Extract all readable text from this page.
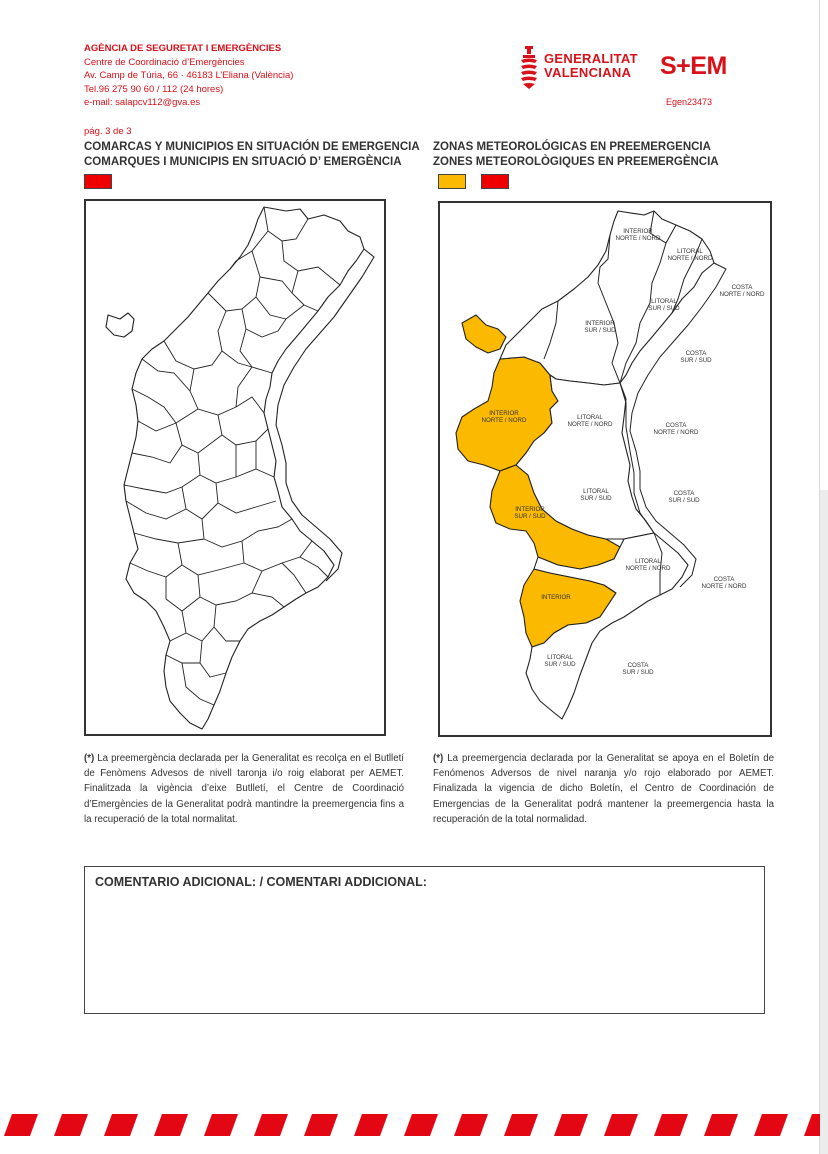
AGÈNCIA DE SEGURETAT I EMERGÈNCIES
Centre de Coordinació d’Emergències
Av. Camp de Túria, 66 · 46183 L’Eliana (València)
Tel.96 275 90 60 / 112 (24 hores)
e-mail: salapcv112@gva.es
GENERALITAT
VALENCIANA S+EM
Egen23473
pág. 3 de 3
COMARCAS Y MUNICIPIOS EN SITUACIÓN DE EMERGENCIA
COMARQUES I MUNICIPIS EN SITUACIÓ D’ EMERGÈNCIA
ZONAS METEOROLÓGICAS EN PREEMERGENCIA
ZONES METEOROLÒGIQUES EN PREEMERGÈNCIA
INTERIOR NORTE / NORD
LITORAL NORTE / NORD
COSTA NORTE / NORD
INTERIOR SUR / SUD
LITORAL SUR / SUD
COSTA SUR / SUD
INTERIOR NORTE / NORD	LITORAL NORTE / NORD	COSTA NORTE / NORD
LITORAL SUR / SUD
COSTA SUR / SUD
INTERIOR SUR / SUD
LITORAL NORTE / NORD
COSTA NORTE / NORD
INTERIOR
LITORAL SUR / SUD	COSTA SUR / SUD
(*) La preemergència declarada per la Generalitat es recolça en el Butlletí de Fenòmens Advesos de nivell taronja i/o roig elaborat per AEMET. Finalitzada la vigència d’eixe Butlletí, el Centre de Coordinació d’Emergències de la Generalitat podrà mantindre la preemergencia fins a la recuperació de la total normalitat.
(*) La preemergencia declarada por la Generalitat se apoya en el Boletín de Fenómenos Adversos de nivel naranja y/o rojo elaborado por AEMET. Finalizada la vigencia de dicho Boletín, el Centro de Coordinación de Emergencias de la Generalitat podrá mantener la preemergencia hasta la recuperación de la total normalidad.
COMENTARIO ADICIONAL: / COMENTARI ADDICIONAL:
